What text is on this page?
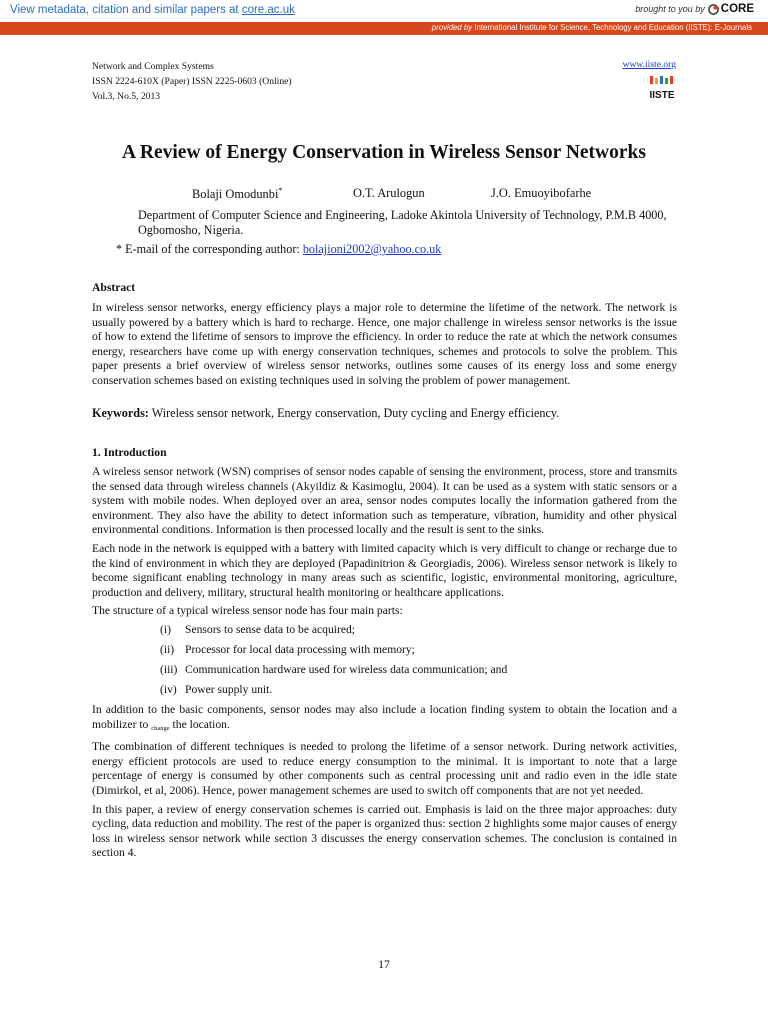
View metadata, citation and similar papers at core.ac.uk	brought to you by CORE
provided by International Institute for Science, Technology and Education (IISTE): E-Journals
Network and Complex Systems
ISSN 2224-610X (Paper) ISSN 2225-0603 (Online)
Vol.3, No.5, 2013
www.iiste.org
IISTE
A Review of Energy Conservation in Wireless Sensor Networks
Bolaji Omodunbi*	O.T. Arulogun	J.O. Emuoyibofarhe
Department of Computer Science and Engineering, Ladoke Akintola University of Technology, P.M.B 4000, Ogbomosho, Nigeria.
* E-mail of the corresponding author: bolajioni2002@yahoo.co.uk

Abstract

In wireless sensor networks, energy efficiency plays a major role to determine the lifetime of the network. The network is usually powered by a battery which is hard to recharge. Hence, one major challenge in wireless sensor networks is the issue of how to extend the lifetime of sensors to improve the efficiency. In order to reduce the rate at which the network consumes energy, researchers have come up with energy conservation techniques, schemes and protocols to solve the problem. This paper presents a brief overview of wireless sensor networks, outlines some causes of its energy loss and some energy conservation schemes based on existing techniques used in solving the problem of power management.

Keywords: Wireless sensor network, Energy conservation, Duty cycling and Energy efficiency.

1. Introduction

A wireless sensor network (WSN) comprises of sensor nodes capable of sensing the environment, process, store and transmits the sensed data through wireless channels (Akyildiz & Kasimoglu, 2004). It can be used as a system with static sensors or a system with mobile nodes. When deployed over an area, sensor nodes computes locally the information gathered from the environment. They also have the ability to detect information such as temperature, vibration, humidity and other physical environmental conditions. Information is then processed locally and the result is sent to the sinks.

Each node in the network is equipped with a battery with limited capacity which is very difficult to change or recharge due to the kind of environment in which they are deployed (Papadinitrion & Georgiadis, 2006). Wireless sensor network is likely to become significant enabling technology in many areas such as scientific, logistic, environmental monitoring, agriculture, production and delivery, military, structural health monitoring or healthcare applications.

The structure of a typical wireless sensor node has four main parts:

(i) Sensors to sense data to be acquired;
(ii) Processor for local data processing with memory;
(iii) Communication hardware used for wireless data communication; and
(iv) Power supply unit.

In addition to the basic components, sensor nodes may also include a location finding system to obtain the location and a mobilizer to change the location.

The combination of different techniques is needed to prolong the lifetime of a sensor network. During network activities, energy efficient protocols are used to reduce energy consumption to the minimal. It is important to note that a large percentage of energy is consumed by other components such as central processing unit and radio even in the idle state (Dimirkol, et al, 2006). Hence, power management schemes are used to switch off components that are not yet needed.

In this paper, a review of energy conservation schemes is carried out. Emphasis is laid on the three major approaches: duty cycling, data reduction and mobility. The rest of the paper is organized thus: section 2 highlights some major causes of energy loss in wireless sensor network while section 3 discusses the energy conservation schemes. The conclusion is contained in section 4.

17
